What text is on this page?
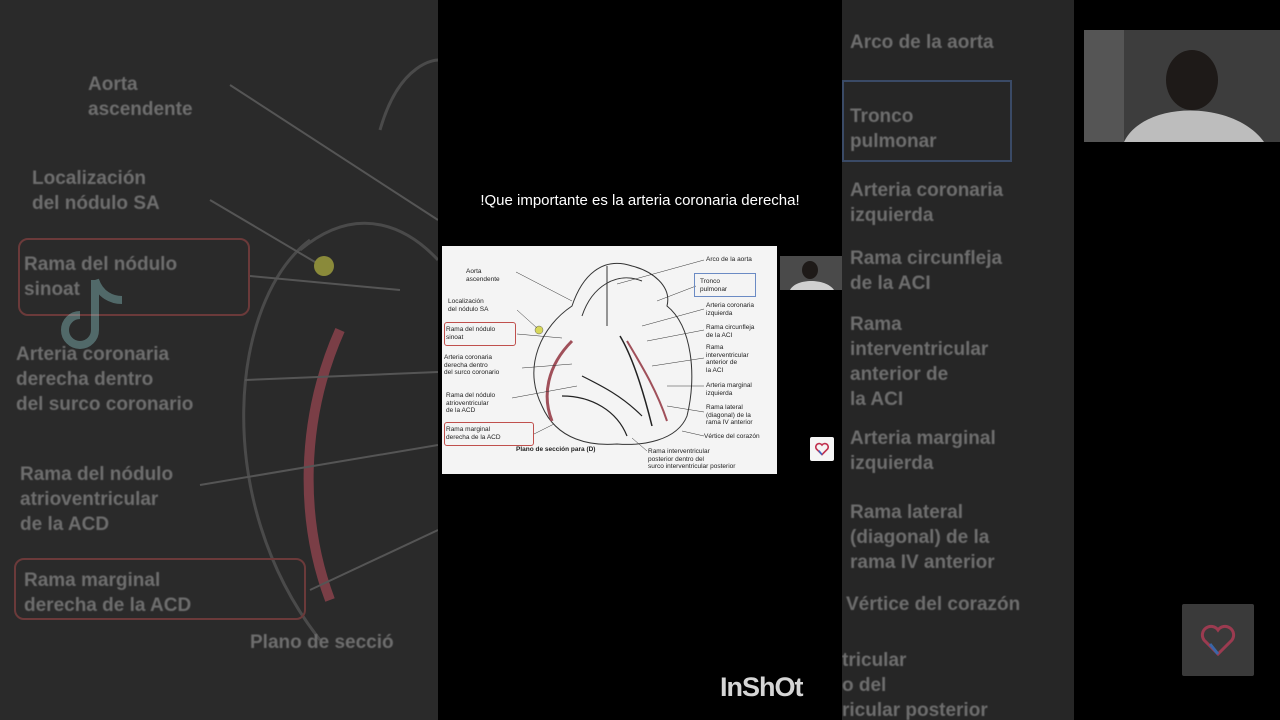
Aorta
ascendente
Localización
del nódulo SA
Rama del nódulo
sinoat
Arteria coronaria
derecha dentro
del surco coronario
Rama del nódulo
atrioventricular
de la ACD
Rama marginal
derecha de la ACD
Plano de secció
Arco de la aorta
Tronco
pulmonar
Arteria coronaria
izquierda
Rama circunfleja
de la ACI
Rama
interventricular
anterior de
la ACI
Arteria marginal
izquierda
Rama lateral
(diagonal) de la
rama IV anterior
Vértice del corazón
tricular
o del
ricular posterior
!Que importante es la arteria coronaria derecha!
Arco de la aorta
Aorta
ascendente	Tronco
pulmonar
Localización
del nódulo SA	Arteria coronaria
izquierda
Rama del nódulo
sinoat
Rama circunfleja
de la ACI
Arteria coronaria
derecha dentro
del surco coronario
Rama
interventricular
anterior de
la ACI
Arteria marginal
izquierda
Rama del nódulo
atrioventricular
de la ACD	Rama lateral
(diagonal) de la
rama IV anterior
Rama marginal
derecha de la ACD	Vértice del corazón
Plano de sección para (D)	Rama interventricular
posterior dentro del
surco interventricular posterior
InShOt
